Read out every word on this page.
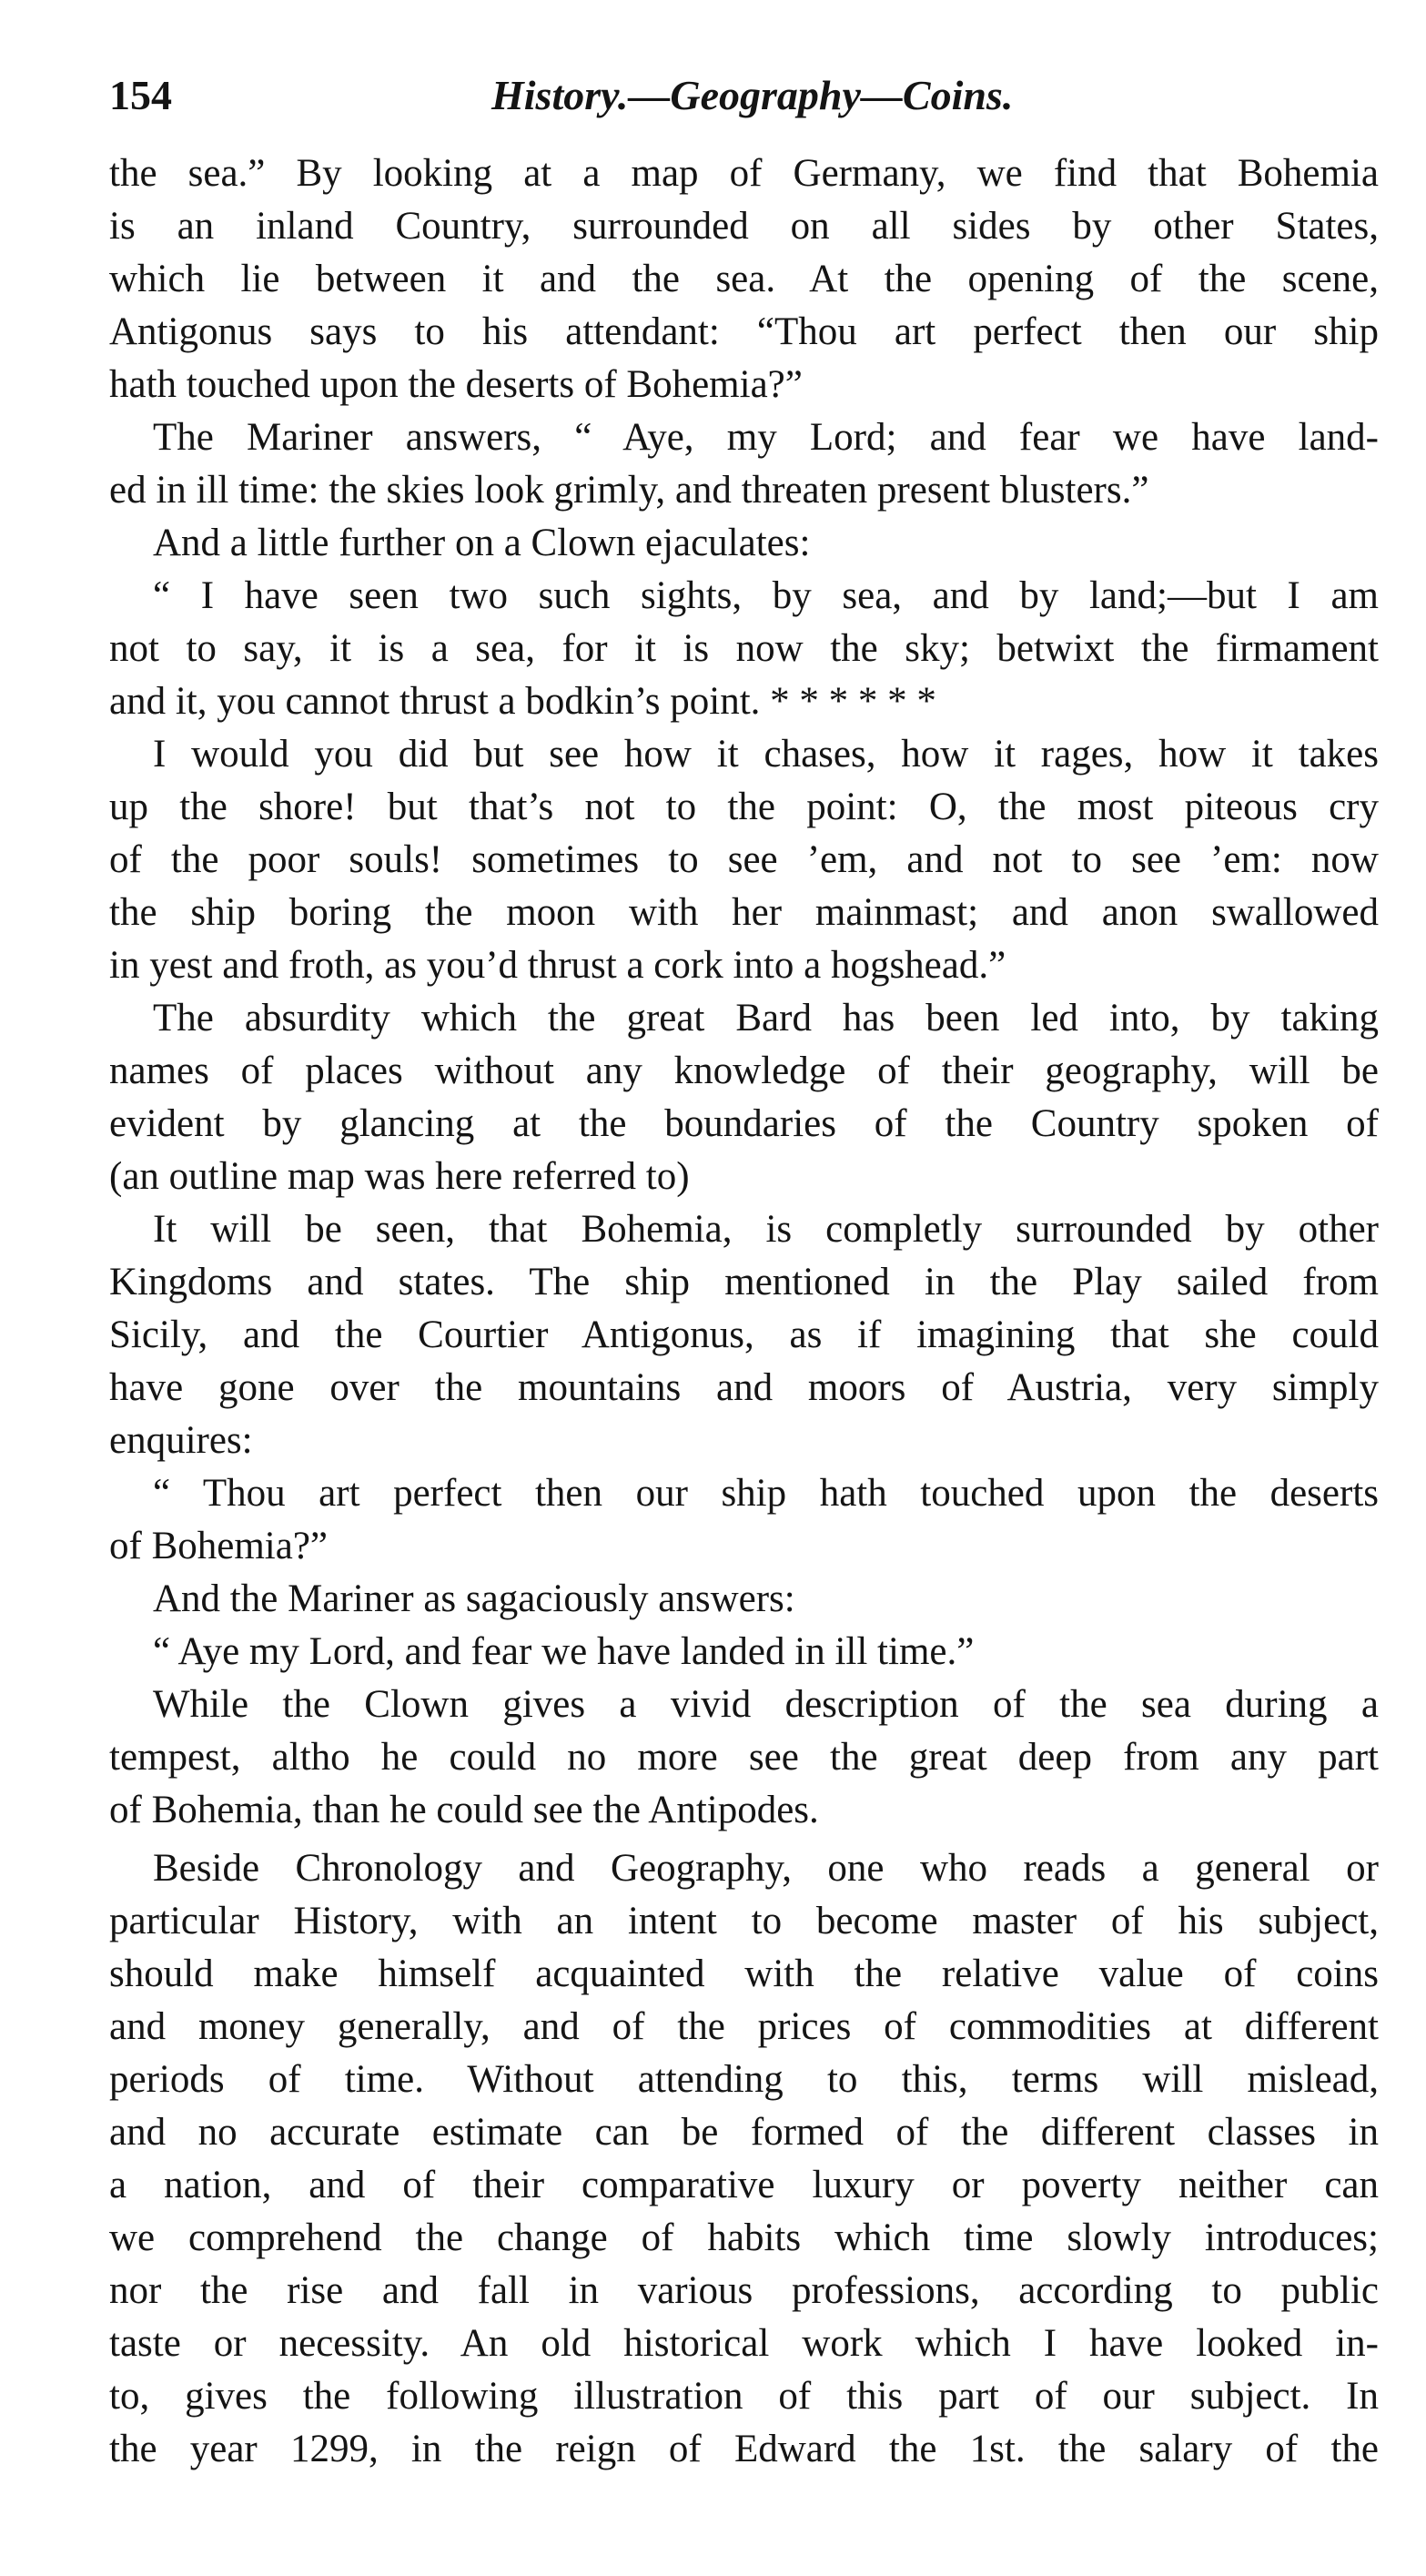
154	History.—Geography—Coins.
the sea.” By looking at a map of Germany, we find that Bohemia
is an inland Country, surrounded on all sides by other States,
which lie between it and the sea. At the opening of the scene,
Antigonus says to his attendant: “Thou art perfect then our ship
hath touched upon the deserts of Bohemia?”
The Mariner answers, “ Aye, my Lord; and fear we have land-
ed in ill time: the skies look grimly, and threaten present blusters.”
And a little further on a Clown ejaculates:
“ I have seen two such sights, by sea, and by land;—but I am
not to say, it is a sea, for it is now the sky; betwixt the firmament
and it, you cannot thrust a bodkin’s point. * * * * * *
I would you did but see how it chases, how it rages, how it takes
up the shore! but that’s not to the point: O, the most piteous cry
of the poor souls! sometimes to see ’em, and not to see ’em: now
the ship boring the moon with her mainmast; and anon swallowed
in yest and froth, as you’d thrust a cork into a hogshead.”
The absurdity which the great Bard has been led into, by taking
names of places without any knowledge of their geography, will be
evident by glancing at the boundaries of the Country spoken of
(an outline map was here referred to)
It will be seen, that Bohemia, is completly surrounded by other
Kingdoms and states. The ship mentioned in the Play sailed from
Sicily, and the Courtier Antigonus, as if imagining that she could
have gone over the mountains and moors of Austria, very simply
enquires:
“ Thou art perfect then our ship hath touched upon the deserts
of Bohemia?”
And the Mariner as sagaciously answers:
“ Aye my Lord, and fear we have landed in ill time.”
While the Clown gives a vivid description of the sea during a
tempest, altho he could no more see the great deep from any part
of Bohemia, than he could see the Antipodes.
Beside Chronology and Geography, one who reads a general or
particular History, with an intent to become master of his subject,
should make himself acquainted with the relative value of coins
and money generally, and of the prices of commodities at different
periods of time. Without attending to this, terms will mislead,
and no accurate estimate can be formed of the different classes in
a nation, and of their comparative luxury or poverty neither can
we comprehend the change of habits which time slowly introduces;
nor the rise and fall in various professions, according to public
taste or necessity. An old historical work which I have looked in-
to, gives the following illustration of this part of our subject. In
the year 1299, in the reign of Edward the 1st. the salary of the
